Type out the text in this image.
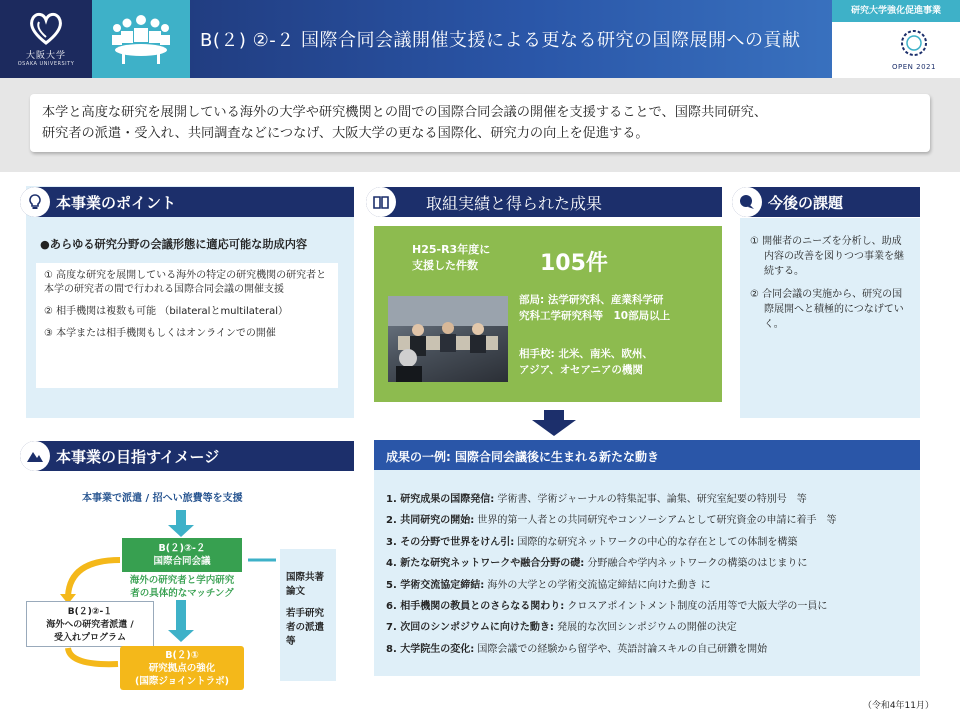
大阪大学
OSAKA UNIVERSITY
B(２) ②-２ 国際合同会議開催支援による更なる研究の国際展開への貢献
研究大学強化促進事業
OPEN 2021
本学と高度な研究を展開している海外の大学や研究機関との間での国際合同会議の開催を支援することで、国際共同研究、
研究者の派遣・受入れ、共同調査などにつなげ、大阪大学の更なる国際化、研究力の向上を促進する。
本事業のポイント
●あらゆる研究分野の会議形態に適応可能な助成内容

① 高度な研究を展開している海外の特定の研究機関の研究者と本学の研究者の間で行われる国際合同会議の開催支援

② 相手機関は複数も可能 （bilateralとmultilateral）

③ 本学または相手機関もしくはオンラインでの開催

取組実績と得られた成果
H25-R3年度に
支援した件数	105件
部局: 法学研究科、産業科学研
究科工学研究科等　10部局以上
相手校: 北米、南米、欧州、
アジア、オセアニアの機関

① 開催者のニーズを分析し、助成内容の改善を図りつつ事業を継続する。

② 合同会議の実施から、研究の国際展開へと積極的につなげていく。

今後の課題
本事業の目指すイメージ
本事業で派遣 / 招へい旅費等を支援
B(２)②-２
国際合同会議
海外の研究者と学内研究
者の具体的なマッチング
B(２)②-１
海外への研究者派遣 /
受入れプログラム
B(２)①
研究拠点の強化
(国際ジョイントラボ)
国際共著
論文
若手研究
者の派遣
等
成果の一例: 国際合同会議後に生まれる新たな動き
1. 研究成果の国際発信: 学術書、学術ジャーナルの特集記事、論集、研究室紀要の特別号　等
2. 共同研究の開始: 世界的第一人者との共同研究やコンソーシアムとして研究資金の申請に着手　等
3. その分野で世界をけん引: 国際的な研究ネットワークの中心的な存在としての体制を構築
4. 新たな研究ネットワークや融合分野の礎: 分野融合や学内ネットワークの構築のはじまりに
5. 学術交流協定締結: 海外の大学との学術交流協定締結に向けた動き に
6. 相手機関の教員とのさらなる関わり: クロスアポイントメント制度の活用等で大阪大学の一員に
7. 次回のシンポジウムに向けた動き: 発展的な次回シンポジウムの開催の決定
8. 大学院生の変化: 国際会議での経験から留学や、英語討論スキルの自己研鑽を開始
（令和4年11月）
